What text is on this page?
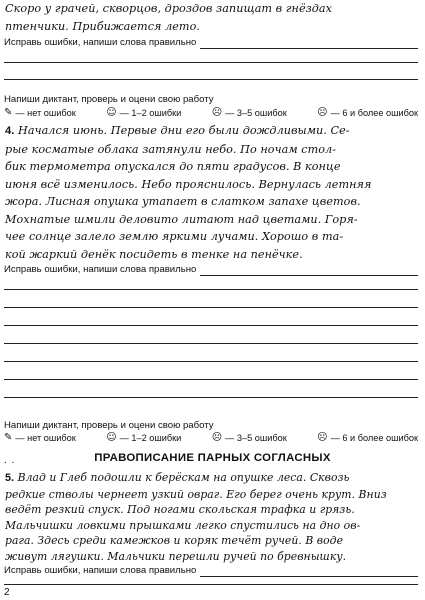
Скоро у грачей, скворцов, дроздов запищат в гнёздах
птенчики. Прибижается лето.
Исправь ошибки, напиши слова правильно
Напиши диктант, проверь и оцени свою работу
✎ — нет ошибок	☺ — 1–2 ошибки	☹ — 3–5 ошибок	☹ — 6 и более ошибок
4. Начался июнь. Первые дни его были дождливыми. Се-
рые косматые облака затянули небо. По ночам стол-
бик термометра опускался до пяти градусов. В конце
июня всё изменилось. Небо прояснилось. Вернулась летняя
жора. Лисная опушка утапает в слатком запахе цветов.
Мохнатые шмили деловито литают над цветами. Горя-
чее солнце залело землю яркими лучами. Хорошо в та-
кой жаркий денёк посидеть в тенке на пенёчке.
Исправь ошибки, напиши слова правильно
Напиши диктант, проверь и оцени свою работу
✎ — нет ошибок	☺ — 1–2 ошибки	☹ — 3–5 ошибок	☹ — 6 и более ошибок
ПРАВОПИСАНИЕ ПАРНЫХ СОГЛАСНЫХ
. .
5. Влад и Глеб подошли к берёскам на опушке леса. Сквозь
редкие стволы чернеет узкий овраг. Его берег очень крут. Вниз
ведёт резкий спуск. Под ногами скольская трафка и грязь.
Мальчишки ловкими прышками легко спустились на дно ов-
рага. Здесь среди камежков и коряк течёт ручей. В воде
живут лягушки. Мальчики перешли ручей по бревнышку.
Исправь ошибки, напиши слова правильно
2
